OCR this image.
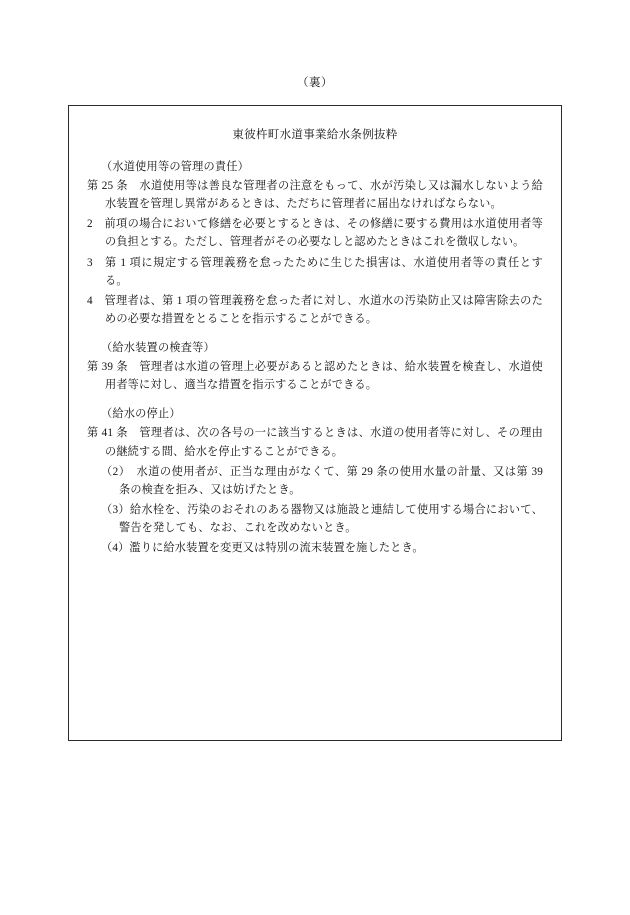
（裏）
東彼杵町水道事業給水条例抜粋
（水道使用等の管理の責任）
第 25 条　水道使用等は善良な管理者の注意をもって、水が汚染し又は漏水しないよう給水装置を管理し異常があるときは、ただちに管理者に届出なければならない。
2　前項の場合において修繕を必要とするときは、その修繕に要する費用は水道使用者等の負担とする。ただし、管理者がその必要なしと認めたときはこれを徴収しない。
3　第 1 項に規定する管理義務を怠ったために生じた損害は、水道使用者等の責任とする。
4　管理者は、第 1 項の管理義務を怠った者に対し、水道水の汚染防止又は障害除去のための必要な措置をとることを指示することができる。
（給水装置の検査等）
第 39 条　管理者は水道の管理上必要があると認めたときは、給水装置を検査し、水道使用者等に対し、適当な措置を指示することができる。
（給水の停止）
第 41 条　管理者は、次の各号の一に該当するときは、水道の使用者等に対し、その理由の継続する間、給水を停止することができる。
（2）　水道の使用者が、正当な理由がなくて、第 29 条の使用水量の計量、又は第 39 条の検査を拒み、又は妨げたとき。
（3）給水栓を、汚染のおそれのある器物又は施設と連結して使用する場合において、警告を発しても、なお、これを改めないとき。
（4）濫りに給水装置を変更又は特別の流末装置を施したとき。
